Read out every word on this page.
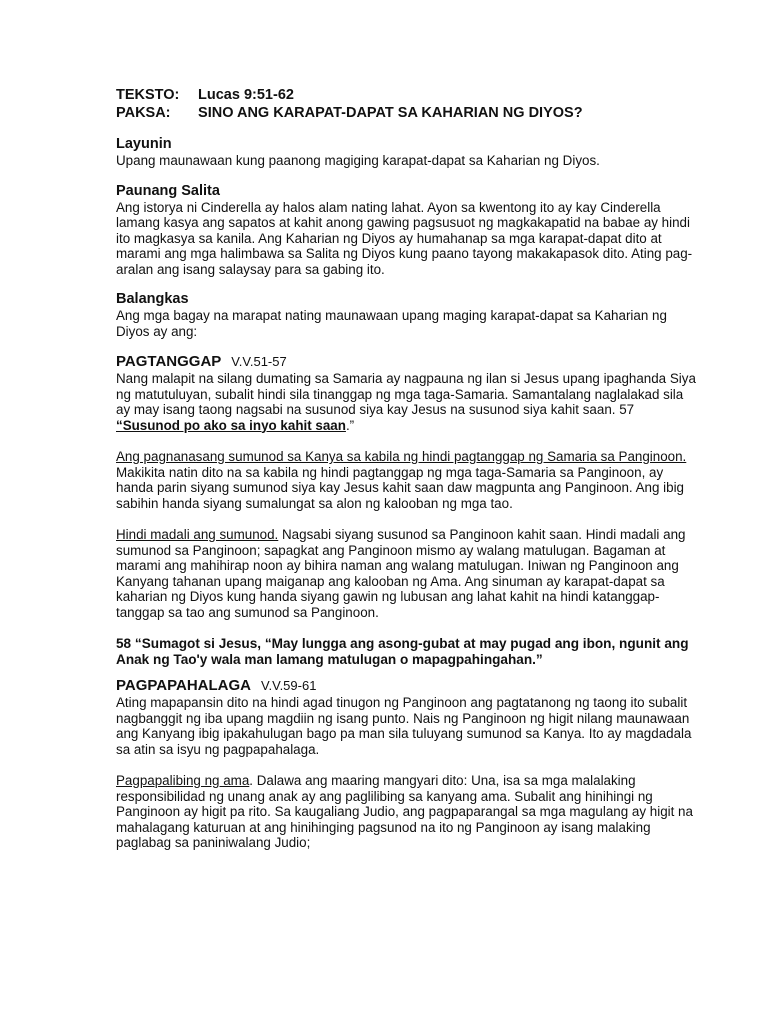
TEKSTO: Lucas 9:51-62
PAKSA: SINO ANG KARAPAT-DAPAT SA KAHARIAN NG DIYOS?
Layunin

Upang maunawaan kung paanong magiging karapat-dapat sa Kaharian ng Diyos.

Paunang Salita

Ang istorya ni Cinderella ay halos alam nating lahat. Ayon sa kwentong ito ay kay Cinderella lamang kasya ang sapatos at kahit anong gawing pagsusuot ng magkakapatid na babae ay hindi ito magkasya sa kanila. Ang Kaharian ng Diyos ay humahanap sa mga karapat-dapat dito at marami ang mga halimbawa sa Salita ng Diyos kung paano tayong makakapasok dito. Ating pag-aralan ang isang salaysay para sa gabing ito.

Balangkas

Ang mga bagay na marapat nating maunawaan upang maging karapat-dapat sa Kaharian ng Diyos ay ang:

PAGTANGGAP V.V.51-57

Nang malapit na silang dumating sa Samaria ay nagpauna ng ilan si Jesus upang ipaghanda Siya ng matutuluyan, subalit hindi sila tinanggap ng mga taga-Samaria. Samantalang naglalakad sila ay may isang taong nagsabi na susunod siya kay Jesus na susunod siya kahit saan. 57 “Susunod po ako sa inyo kahit saan.”

Ang pagnanasang sumunod sa Kanya sa kabila ng hindi pagtanggap ng Samaria sa Panginoon. Makikita natin dito na sa kabila ng hindi pagtanggap ng mga taga-Samaria sa Panginoon, ay handa parin siyang sumunod siya kay Jesus kahit saan daw magpunta ang Panginoon. Ang ibig sabihin handa siyang sumalungat sa alon ng kalooban ng mga tao.

Hindi madali ang sumunod. Nagsabi siyang susunod sa Panginoon kahit saan. Hindi madali ang sumunod sa Panginoon; sapagkat ang Panginoon mismo ay walang matulugan. Bagaman at marami ang mahihirap noon ay bihira naman ang walang matulugan. Iniwan ng Panginoon ang Kanyang tahanan upang maiganap ang kalooban ng Ama. Ang sinuman ay karapat-dapat sa kaharian ng Diyos kung handa siyang gawin ng lubusan ang lahat kahit na hindi katanggap-tanggap sa tao ang sumunod sa Panginoon.

58 “Sumagot si Jesus, “May lungga ang asong-gubat at may pugad ang ibon, ngunit ang Anak ng Tao'y wala man lamang matulugan o mapagpahingahan.”

PAGPAPAHALAGA V.V.59-61

Ating mapapansin dito na hindi agad tinugon ng Panginoon ang pagtatanong ng taong ito subalit nagbanggit ng iba upang magdiin ng isang punto. Nais ng Panginoon ng higit nilang maunawaan ang Kanyang ibig ipakahulugan bago pa man sila tuluyang sumunod sa Kanya. Ito ay magdadala sa atin sa isyu ng pagpapahalaga.

Pagpapalibing ng ama. Dalawa ang maaring mangyari dito: Una, isa sa mga malalaking responsibilidad ng unang anak ay ang paglilibing sa kanyang ama. Subalit ang hinihingi ng Panginoon ay higit pa rito. Sa kaugaliang Judio, ang pagpaparangal sa mga magulang ay higit na mahalagang katuruan at ang hinihinging pagsunod na ito ng Panginoon ay isang malaking paglabag sa paniniwalang Judio;
